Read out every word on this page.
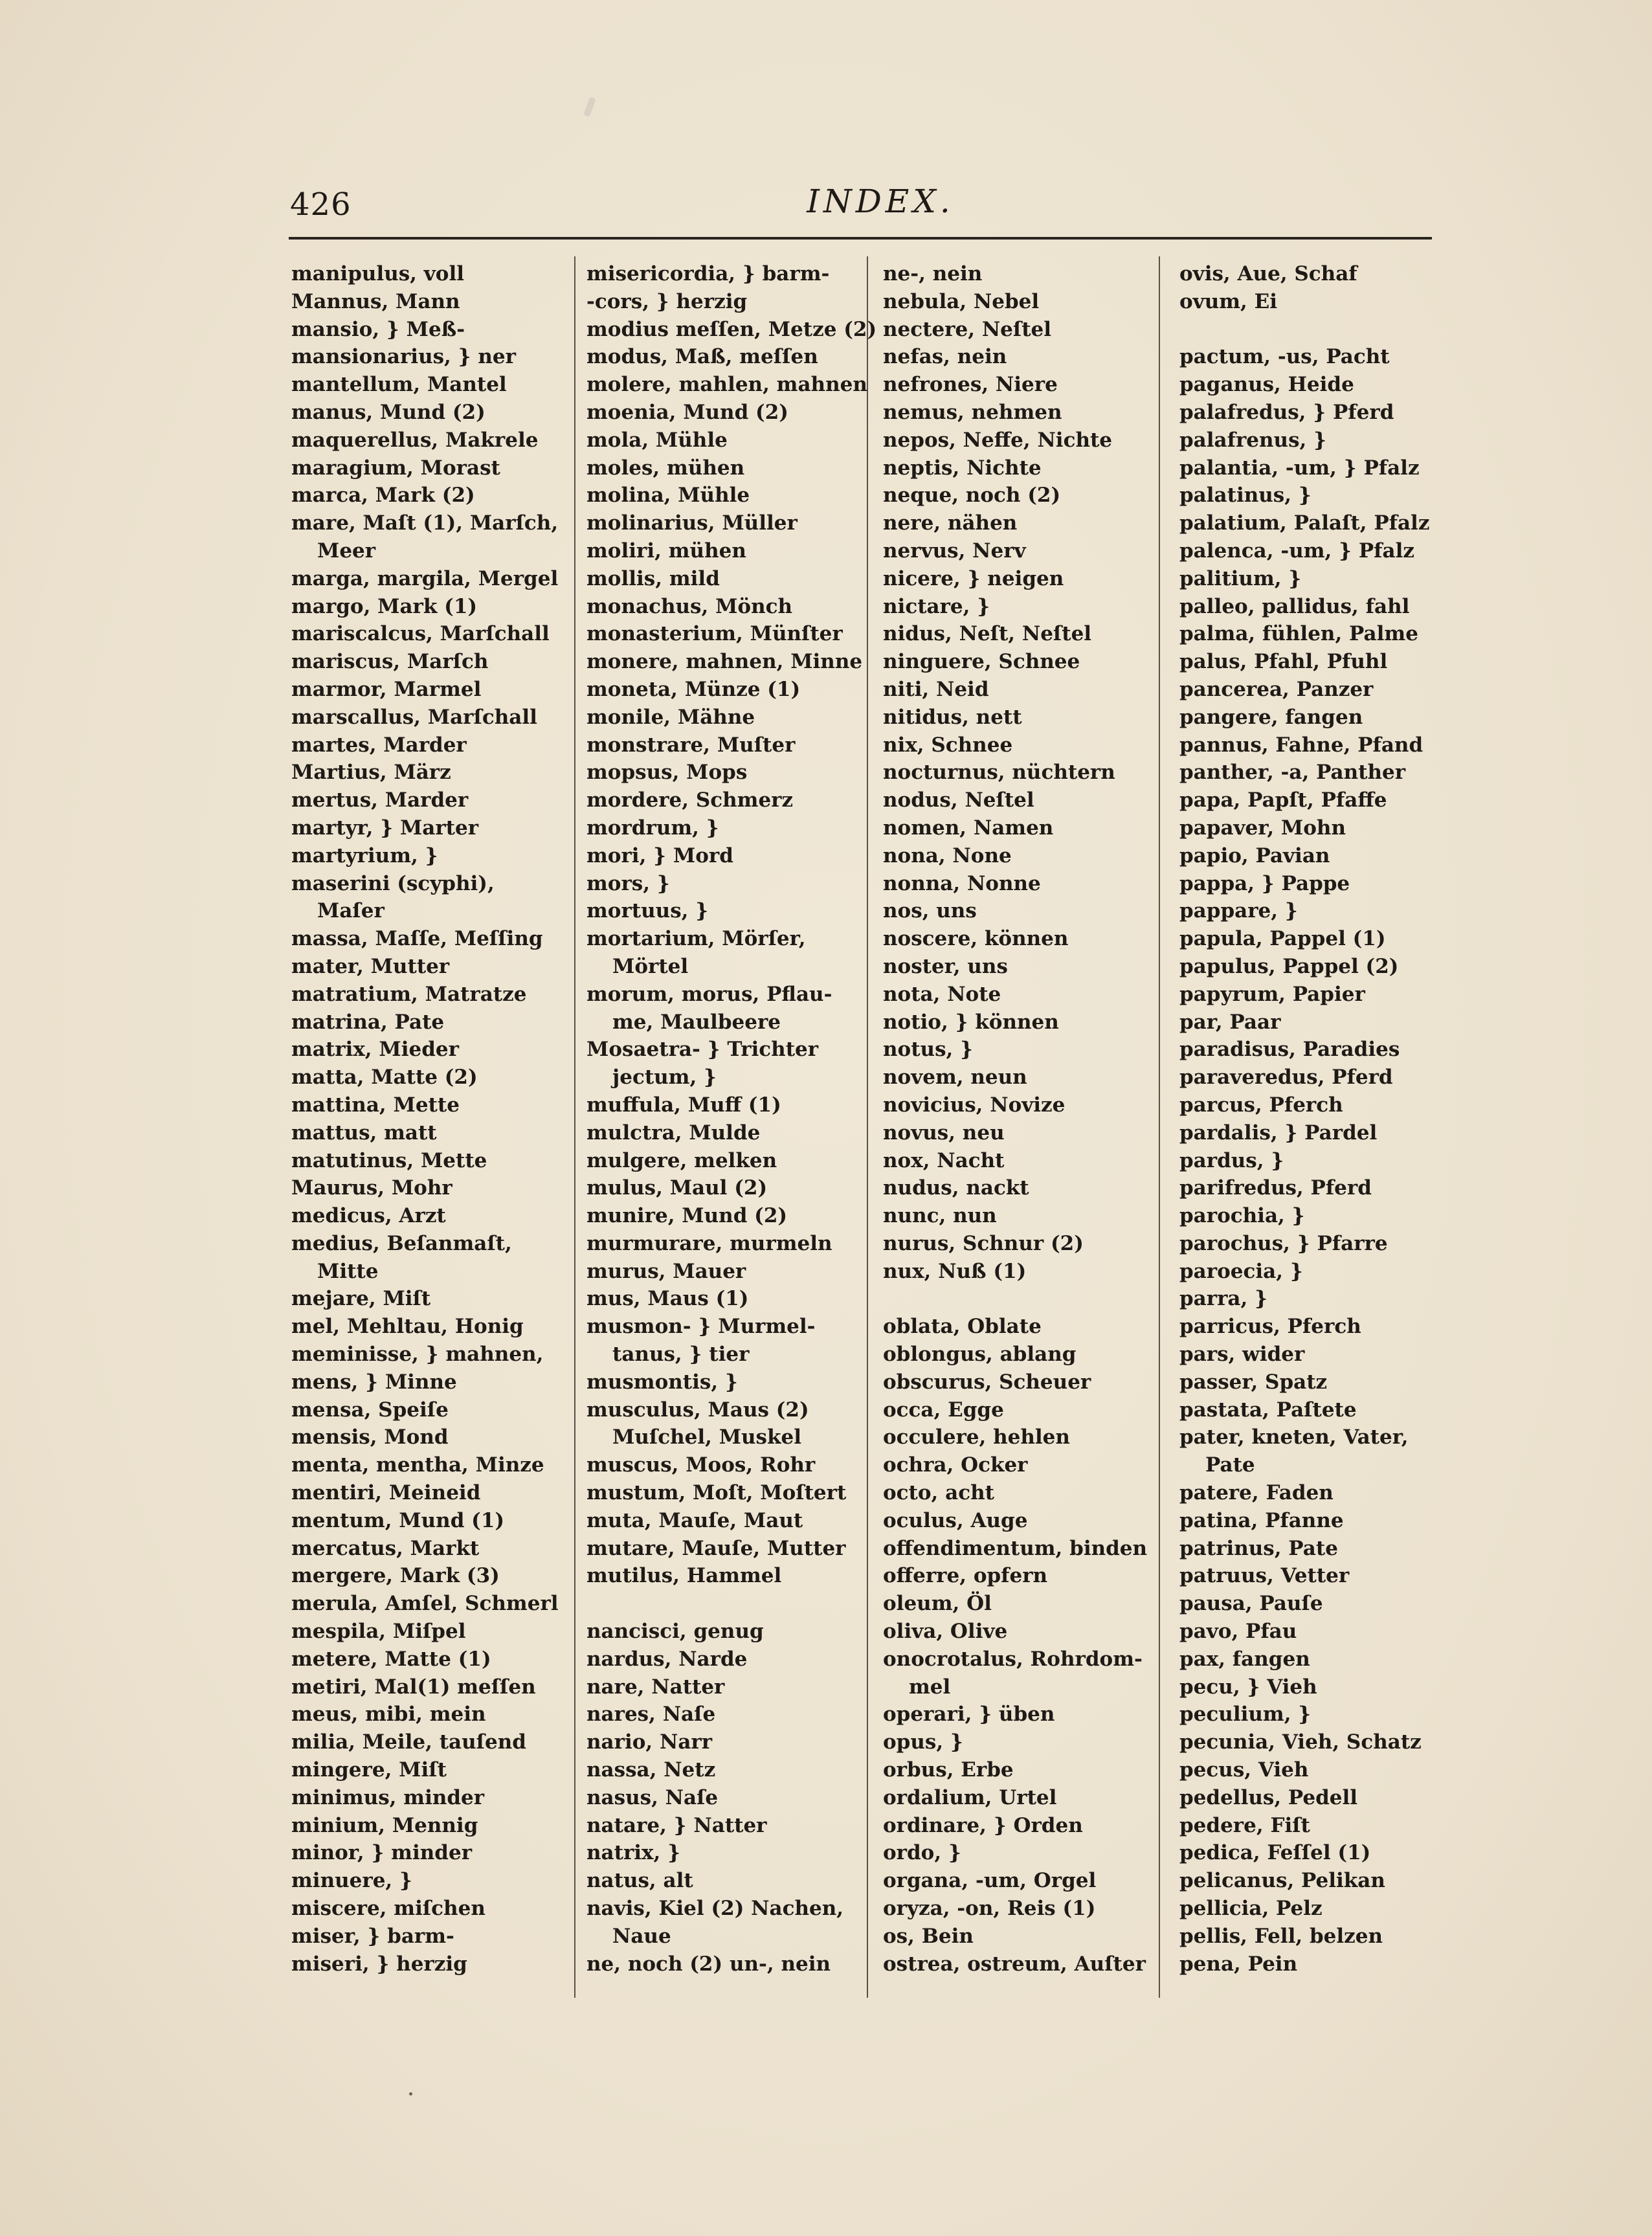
426	INDEX.
manipulus, voll
Mannus, Mann
mansio, } Meß-
mansionarius, } ner
mantellum, Mantel
manus, Mund (2)
maquerellus, Makrele
maragium, Morast
marca, Mark (2)
mare, Maſt (1), Marſch,
Meer
marga, margila, Mergel
margo, Mark (1)
mariscalcus, Marſchall
mariscus, Marſch
marmor, Marmel
marscallus, Marſchall
martes, Marder
Martius, März
mertus, Marder
martyr, } Marter
martyrium, }
maserini (scyphi),
Maſer
massa, Maſſe, Meſſing
mater, Mutter
matratium, Matratze
matrina, Pate
matrix, Mieder
matta, Matte (2)
mattina, Mette
mattus, matt
matutinus, Mette
Maurus, Mohr
medicus, Arzt
medius, Beſanmaſt,
Mitte
mejare, Miſt
mel, Mehltau, Honig
meminisse, } mahnen,
mens, } Minne
mensa, Speiſe
mensis, Mond
menta, mentha, Minze
mentiri, Meineid
mentum, Mund (1)
mercatus, Markt
mergere, Mark (3)
merula, Amſel, Schmerl
mespila, Miſpel
metere, Matte (1)
metiri, Mal(1) meſſen
meus, mibi, mein
milia, Meile, tauſend
mingere, Miſt
minimus, minder
minium, Mennig
minor, } minder
minuere, }
miscere, miſchen
miser, } barm-
miseri, } herzig
misericordia, } barm-
-cors, } herzig
modius meſſen, Metze (2)
modus, Maß, meſſen
molere, mahlen, mahnen
moenia, Mund (2)
mola, Mühle
moles, mühen
molina, Mühle
molinarius, Müller
moliri, mühen
mollis, mild
monachus, Mönch
monasterium, Münſter
monere, mahnen, Minne
moneta, Münze (1)
monile, Mähne
monstrare, Muſter
mopsus, Mops
mordere, Schmerz
mordrum, }
mori, } Mord
mors, }
mortuus, }
mortarium, Mörſer,
Mörtel
morum, morus, Pflau-
me, Maulbeere
Mosaetra- } Trichter
jectum, }
muffula, Muff (1)
mulctra, Mulde
mulgere, melken
mulus, Maul (2)
munire, Mund (2)
murmurare, murmeln
murus, Mauer
mus, Maus (1)
musmon- } Murmel-
tanus, } tier
musmontis, }
musculus, Maus (2)
Muſchel, Muskel
muscus, Moos, Rohr
mustum, Moſt, Moſtert
muta, Mauſe, Maut
mutare, Mauſe, Mutter
mutilus, Hammel
nancisci, genug
nardus, Narde
nare, Natter
nares, Naſe
nario, Narr
nassa, Netz
nasus, Naſe
natare, } Natter
natrix, }
natus, alt
navis, Kiel (2) Nachen,
Naue
ne, noch (2) un-, nein
ne-, nein
nebula, Nebel
nectere, Neſtel
nefas, nein
nefrones, Niere
nemus, nehmen
nepos, Neffe, Nichte
neptis, Nichte
neque, noch (2)
nere, nähen
nervus, Nerv
nicere, } neigen
nictare, }
nidus, Neſt, Neſtel
ninguere, Schnee
niti, Neid
nitidus, nett
nix, Schnee
nocturnus, nüchtern
nodus, Neſtel
nomen, Namen
nona, None
nonna, Nonne
nos, uns
noscere, können
noster, uns
nota, Note
notio, } können
notus, }
novem, neun
novicius, Novize
novus, neu
nox, Nacht
nudus, nackt
nunc, nun
nurus, Schnur (2)
nux, Nuß (1)
oblata, Oblate
oblongus, ablang
obscurus, Scheuer
occa, Egge
occulere, hehlen
ochra, Ocker
octo, acht
oculus, Auge
offendimentum, binden
offerre, opfern
oleum, Öl
oliva, Olive
onocrotalus, Rohrdom-
mel
operari, } üben
opus, }
orbus, Erbe
ordalium, Urtel
ordinare, } Orden
ordo, }
organa, -um, Orgel
oryza, -on, Reis (1)
os, Bein
ostrea, ostreum, Auſter
ovis, Aue, Schaf
ovum, Ei
pactum, -us, Pacht
paganus, Heide
palafredus, } Pferd
palafrenus, }
palantia, -um, } Pfalz
palatinus, }
palatium, Palaſt, Pfalz
palenca, -um, } Pfalz
palitium, }
palleo, pallidus, fahl
palma, fühlen, Palme
palus, Pfahl, Pfuhl
pancerea, Panzer
pangere, fangen
pannus, Fahne, Pfand
panther, -a, Panther
papa, Papſt, Pfaffe
papaver, Mohn
papio, Pavian
pappa, } Pappe
pappare, }
papula, Pappel (1)
papulus, Pappel (2)
papyrum, Papier
par, Paar
paradisus, Paradies
paraveredus, Pferd
parcus, Pferch
pardalis, } Pardel
pardus, }
parifredus, Pferd
parochia, }
parochus, } Pfarre
paroecia, }
parra, }
parricus, Pferch
pars, wider
passer, Spatz
pastata, Paſtete
pater, kneten, Vater,
Pate
patere, Faden
patina, Pfanne
patrinus, Pate
patruus, Vetter
pausa, Pauſe
pavo, Pfau
pax, fangen
pecu, } Vieh
peculium, }
pecunia, Vieh, Schatz
pecus, Vieh
pedellus, Pedell
pedere, Fiſt
pedica, Feſſel (1)
pelicanus, Pelikan
pellicia, Pelz
pellis, Fell, belzen
pena, Pein
